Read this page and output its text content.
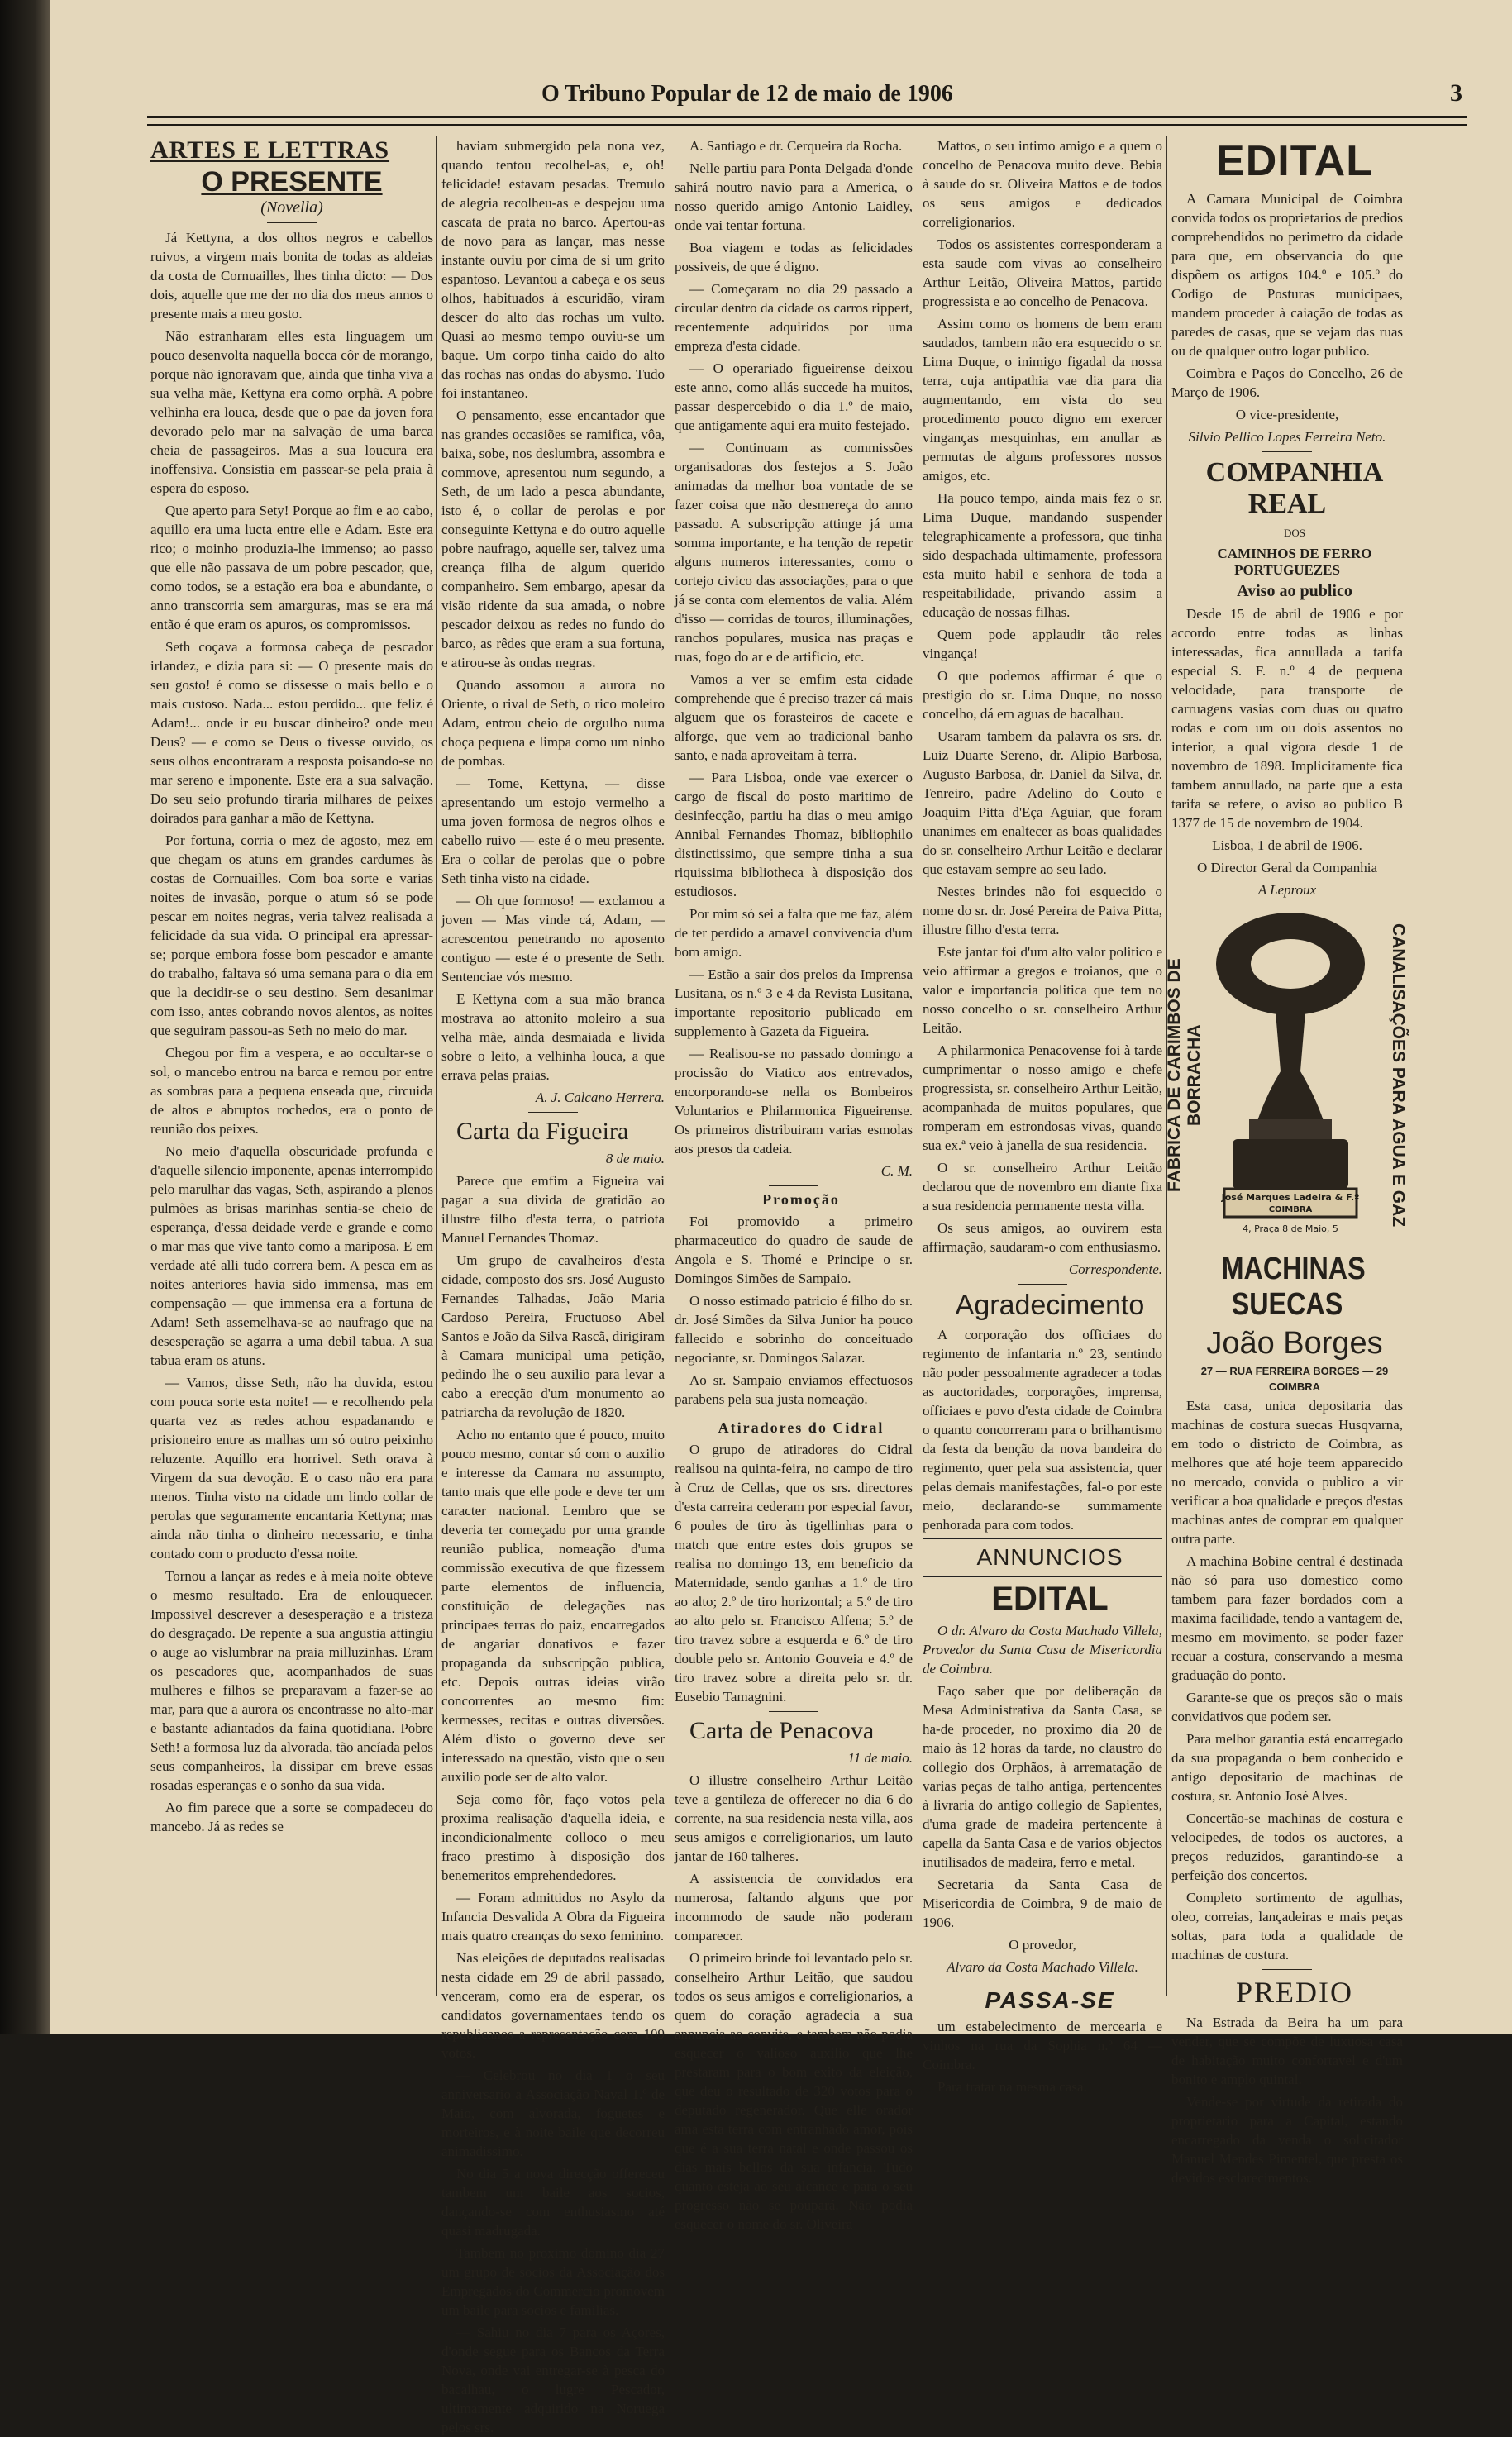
O Tribuno Popular de 12 de maio de 1906	3
ARTES E LETTRAS
O PRESENTE

(Novella)

Já Kettyna, a dos olhos negros e cabellos ruivos, a virgem mais bonita de todas as aldeias da costa de Cornuailles, lhes tinha dicto: — Dos dois, aquelle que me der no dia dos meus annos o presente mais a meu gosto.

Não estranharam elles esta linguagem um pouco desenvolta naquella bocca côr de morango, porque não ignoravam que, ainda que tinha viva a sua velha mãe, Kettyna era como orphã. A pobre velhinha era louca, desde que o pae da joven fora devorado pelo mar na salvação de uma barca cheia de passageiros. Mas a sua loucura era inoffensiva. Consistia em passear-se pela praia à espera do esposo.

Que aperto para Sety! Porque ao fim e ao cabo, aquillo era uma lucta entre elle e Adam. Este era rico; o moinho produzia-lhe immenso; ao passo que elle não passava de um pobre pescador, que, como todos, se a estação era boa e abundante, o anno transcorria sem amarguras, mas se era má então é que eram os apuros, os compromissos.

Seth coçava a formosa cabeça de pescador irlandez, e dizia para si: — O presente mais do seu gosto! é como se dissesse o mais bello e o mais custoso. Nada... estou perdido... que feliz é Adam!... onde ir eu buscar dinheiro? onde meu Deus? — e como se Deus o tivesse ouvido, os seus olhos encontraram a resposta poisando-se no mar sereno e imponente. Este era a sua salvação. Do seu seio profundo tiraria milhares de peixes doirados para ganhar a mão de Kettyna.

Por fortuna, corria o mez de agosto, mez em que chegam os atuns em grandes cardumes às costas de Cornuailles. Com boa sorte e varias noites de invasão, porque o atum só se pode pescar em noites negras, veria talvez realisada a felicidade da sua vida. O principal era apressar-se; porque embora fosse bom pescador e amante do trabalho, faltava só uma semana para o dia em que la decidir-se o seu destino. Sem desanimar com isso, antes cobrando novos alentos, as noites que seguiram passou-as Seth no meio do mar.

Chegou por fim a vespera, e ao occultar-se o sol, o mancebo entrou na barca e remou por entre as sombras para a pequena enseada que, circuida de altos e abruptos rochedos, era o ponto de reunião dos peixes.

No meio d'aquella obscuridade profunda e d'aquelle silencio imponente, apenas interrompido pelo marulhar das vagas, Seth, aspirando a plenos pulmões as brisas marinhas sentia-se cheio de esperança, d'essa deidade verde e grande e como o mar mas que vive tanto como a mariposa. E em verdade até alli tudo correra bem. A pesca em as noites anteriores havia sido immensa, mas em compensação — que immensa era a fortuna de Adam! Seth assemelhava-se ao naufrago que na desesperação se agarra a uma debil tabua. A sua tabua eram os atuns.

— Vamos, disse Seth, não ha duvida, estou com pouca sorte esta noite! — e recolhendo pela quarta vez as redes achou espadanando e prisioneiro entre as malhas um só outro peixinho reluzente. Aquillo era horrivel. Seth orava à Virgem da sua devoção. E o caso não era para menos. Tinha visto na cidade um lindo collar de perolas que seguramente encantaria Kettyna; mas ainda não tinha o dinheiro necessario, e tinha contado com o producto d'essa noite.

Tornou a lançar as redes e à meia noite obteve o mesmo resultado. Era de enlouquecer. Impossivel descrever a desesperação e a tristeza do desgraçado. De repente a sua angustia attingiu o auge ao vislumbrar na praia milluzinhas. Eram os pescadores que, acompanhados de suas mulheres e filhos se preparavam a fazer-se ao mar, para que a aurora os encontrasse no alto-mar e bastante adiantados da faina quotidiana. Pobre Seth! a formosa luz da alvorada, tão ancíada pelos seus companheiros, la dissipar em breve essas rosadas esperanças e o sonho da sua vida.

Ao fim parece que a sorte se compadeceu do mancebo. Já as redes se

haviam submergido pela nona vez, quando tentou recolhel-as, e, oh! felicidade! estavam pesadas. Tremulo de alegria recolheu-as e despejou uma cascata de prata no barco. Apertou-as de novo para as lançar, mas nesse instante ouviu por cima de si um grito espantoso. Levantou a cabeça e os seus olhos, habituados à escuridão, viram descer do alto das rochas um vulto. Quasi ao mesmo tempo ouviu-se um baque. Um corpo tinha caido do alto das rochas nas ondas do abysmo. Tudo foi instantaneo.

O pensamento, esse encantador que nas grandes occasiões se ramifica, vôa, baixa, sobe, nos deslumbra, assombra e commove, apresentou num segundo, a Seth, de um lado a pesca abundante, isto é, o collar de perolas e por conseguinte Kettyna e do outro aquelle pobre naufrago, aquelle ser, talvez uma creança filha de algum querido companheiro. Sem embargo, apesar da visão ridente da sua amada, o nobre pescador deixou as redes no fundo do barco, as rêdes que eram a sua fortuna, e atirou-se às ondas negras.

Quando assomou a aurora no Oriente, o rival de Seth, o rico moleiro Adam, entrou cheio de orgulho numa choça pequena e limpa como um ninho de pombas.

— Tome, Kettyna, — disse apresentando um estojo vermelho a uma joven formosa de negros olhos e cabello ruivo — este é o meu presente. Era o collar de perolas que o pobre Seth tinha visto na cidade.

— Oh que formoso! — exclamou a joven — Mas vinde cá, Adam, — acrescentou penetrando no aposento contiguo — este é o presente de Seth. Sentenciae vós mesmo.

E Kettyna com a sua mão branca mostrava ao attonito moleiro a sua velha mãe, ainda desmaiada e livida sobre o leito, a velhinha louca, a que errava pelas praias.

A. J. Calcano Herrera.

Carta da Figueira

8 de maio.

Parece que emfim a Figueira vai pagar a sua divida de gratidão ao illustre filho d'esta terra, o patriota Manuel Fernandes Thomaz.

Um grupo de cavalheiros d'esta cidade, composto dos srs. José Augusto Fernandes Talhadas, João Maria Cardoso Pereira, Fructuoso Abel Santos e João da Silva Rascã, dirigiram à Camara municipal uma petição, pedindo lhe o seu auxilio para levar a cabo a erecção d'um monumento ao patriarcha da revolução de 1820.

Acho no entanto que é pouco, muito pouco mesmo, contar só com o auxilio e interesse da Camara no assumpto, tanto mais que elle pode e deve ter um caracter nacional. Lembro que se deveria ter começado por uma grande reunião publica, nomeação d'uma commissão executiva de que fizessem parte elementos de influencia, constituição de delegações nas principaes terras do paiz, encarregados de angariar donativos e fazer propaganda da subscripção publica, etc. Depois outras ideias virão concorrentes ao mesmo fim: kermesses, recitas e outras diversões. Além d'isto o governo deve ser interessado na questão, visto que o seu auxilio pode ser de alto valor.

Seja como fôr, faço votos pela proxima realisação d'aquella ideia, e incondicionalmente colloco o meu fraco prestimo à disposição dos benemeritos emprehendedores.

— Foram admittidos no Asylo da Infancia Desvalida A Obra da Figueira mais quatro creanças do sexo feminino.

Nas eleições de deputados realisadas nesta cidade em 29 de abril passado, venceram, como era de esperar, os candidatos governamentaes tendo os republicanos a representação com 109 votos.

— Celebrou no dia 1 o seu anniversario a Associação Naval 1.º de Maio, com alvorada, foguetes e morteiros, e à noite baile que decorreu animadissimo.

No dia 5 a nova direcção offereceu tambem um baile aos socios, dançando-se com enthusiasmo até quasi madrugada.

Tambem no proximo domino dia 27 um grupo de socios da Associação dos Empregados do Commercio promovem um baile para socios e familias.

— Sahiu no dia 7 para os Açores, d'onde segue para os Bancos da Terra Nova, onde vai entregar-se à pesca do bacalhau, o lugre Pescador, ultimamente adquirido na Noruega pelos srs.

A. Santiago e dr. Cerqueira da Rocha.

Nelle partiu para Ponta Delgada d'onde sahirá noutro navio para a America, o nosso querido amigo Antonio Laidley, onde vai tentar fortuna.

Boa viagem e todas as felicidades possiveis, de que é digno.

— Começaram no dia 29 passado a circular dentro da cidade os carros rippert, recentemente adquiridos por uma empreza d'esta cidade.

— O operariado figueirense deixou este anno, como allás succede ha muitos, passar despercebido o dia 1.º de maio, que antigamente aqui era muito festejado.

— Continuam as commissões organisadoras dos festejos a S. João animadas da melhor boa vontade de se fazer coisa que não desmereça do anno passado. A subscripção attinge já uma somma importante, e ha tenção de repetir alguns numeros interessantes, como o cortejo civico das associações, para o que já se conta com elementos de valia. Além d'isso — corridas de touros, illuminações, ranchos populares, musica nas praças e ruas, fogo do ar e de artificio, etc.

Vamos a ver se emfim esta cidade comprehende que é preciso trazer cá mais alguem que os forasteiros de cacete e alforge, que vem ao tradicional banho santo, e nada aproveitam à terra.

— Para Lisboa, onde vae exercer o cargo de fiscal do posto maritimo de desinfecção, partiu ha dias o meu amigo Annibal Fernandes Thomaz, bibliophilo distinctissimo, que sempre tinha a sua riquissima bibliotheca à disposição dos estudiosos.

Por mim só sei a falta que me faz, além de ter perdido a amavel convivencia d'um bom amigo.

— Estão a sair dos prelos da Imprensa Lusitana, os n.º 3 e 4 da Revista Lusitana, importante repositorio publicado em supplemento à Gazeta da Figueira.

— Realisou-se no passado domingo a procissão do Viatico aos entrevados, encorporando-se nella os Bombeiros Voluntarios e Philarmonica Figueirense. Os primeiros distribuiram varias esmolas aos presos da cadeia.

C. M.

Promoção

Foi promovido a primeiro pharmaceutico do quadro de saude de Angola e S. Thomé e Principe o sr. Domingos Simões de Sampaio.

O nosso estimado patricio é filho do sr. dr. José Simões da Silva Junior ha pouco fallecido e sobrinho do conceituado negociante, sr. Domingos Salazar.

Ao sr. Sampaio enviamos effectuosos parabens pela sua justa nomeação.

Atiradores do Cidral

O grupo de atiradores do Cidral realisou na quinta-feira, no campo de tiro à Cruz de Cellas, que os srs. directores d'esta carreira cederam por especial favor, 6 poules de tiro às tigellinhas para o match que entre estes dois grupos se realisa no domingo 13, em beneficio da Maternidade, sendo ganhas a 1.º de tiro ao alto; 2.º de tiro horizontal; a 5.º de tiro ao alto pelo sr. Francisco Alfena; 5.º de tiro travez sobre a esquerda e 6.º de tiro double pelo sr. Antonio Gouveia e 4.º de tiro travez sobre a direita pelo sr. dr. Eusebio Tamagnini.

Carta de Penacova

11 de maio.

O illustre conselheiro Arthur Leitão teve a gentileza de offerecer no dia 6 do corrente, na sua residencia nesta villa, aos seus amigos e correligionarios, um lauto jantar de 160 talheres.

A assistencia de convidados era numerosa, faltando alguns que por incommodo de saude não poderam comparecer.

O primeiro brinde foi levantado pelo sr. conselheiro Arthur Leitão, que saudou todos os seus amigos e correligionarios, a quem do coração agradecia a sua annuncia ao convite, e tambem não podia esquecer o valioso auxilio que lhe prestaram para o bom exito da eleição, que deu o resultado de 320 votos para o deputado regenerador. Que elle orador ama esta terra com entranhado amor, pois que é a sua terra natal e onde passou os dias mais bellos da sua infancia. Tudo quanto esteja ao seu alcance e para o seu progresso não se poupará. Não podia esquecer o nome do sr. Oliveira

Mattos, o seu intimo amigo e a quem o concelho de Penacova muito deve. Bebia à saude do sr. Oliveira Mattos e de todos os seus amigos e dedicados correligionarios.

Todos os assistentes corresponderam a esta saude com vivas ao conselheiro Arthur Leitão, Oliveira Mattos, partido progressista e ao concelho de Penacova.

Assim como os homens de bem eram saudados, tambem não era esquecido o sr. Lima Duque, o inimigo figadal da nossa terra, cuja antipathia vae dia para dia augmentando, em vista do seu procedimento pouco digno em exercer vinganças mesquinhas, em anullar as permutas de alguns professores nossos amigos, etc.

Ha pouco tempo, ainda mais fez o sr. Lima Duque, mandando suspender telegraphicamente a professora, que tinha sido despachada ultimamente, professora esta muito habil e senhora de toda a respeitabilidade, privando assim a educação de nossas filhas.

Quem pode applaudir tão reles vingança!

O que podemos affirmar é que o prestigio do sr. Lima Duque, no nosso concelho, dá em aguas de bacalhau.

Usaram tambem da palavra os srs. dr. Luiz Duarte Sereno, dr. Alipio Barbosa, Augusto Barbosa, dr. Daniel da Silva, dr. Tenreiro, padre Adelino do Couto e Joaquim Pitta d'Eça Aguiar, que foram unanimes em enaltecer as boas qualidades do sr. conselheiro Arthur Leitão e declarar que estavam sempre ao seu lado.

Nestes brindes não foi esquecido o nome do sr. dr. José Pereira de Paiva Pitta, illustre filho d'esta terra.

Este jantar foi d'um alto valor politico e veio affirmar a gregos e troianos, que o valor e importancia politica que tem no nosso concelho o sr. conselheiro Arthur Leitão.

A philarmonica Penacovense foi à tarde cumprimentar o nosso amigo e chefe progressista, sr. conselheiro Arthur Leitão, acompanhada de muitos populares, que romperam em estrondosas vivas, quando sua ex.ª veio à janella de sua residencia.

O sr. conselheiro Arthur Leitão declarou que de novembro em diante fixa a sua residencia permanente nesta villa.

Os seus amigos, ao ouvirem esta affirmação, saudaram-o com enthusiasmo.

Correspondente.

Agradecimento

A corporação dos officiaes do regimento de infantaria n.º 23, sentindo não poder pessoalmente agradecer a todas as auctoridades, corporações, imprensa, officiaes e povo d'esta cidade de Coimbra o quanto concorreram para o brilhantismo da festa da benção da nova bandeira do regimento, quer pela sua assistencia, quer pelas demais manifestações, fal-o por este meio, declarando-se summamente penhorada para com todos.

ANNUNCIOS

EDITAL

O dr. Alvaro da Costa Machado Villela, Provedor da Santa Casa de Misericordia de Coimbra.

Faço saber que por deliberação da Mesa Administrativa da Santa Casa, se ha-de proceder, no proximo dia 20 de maio às 12 horas da tarde, no claustro do collegio dos Orphãos, à arrematação de varias peças de talho antiga, pertencentes à livraria do antigo collegio de Sapientes, d'uma grade de madeira pertencente à capella da Santa Casa e de varios objectos inutilisados de madeira, ferro e metal.

Secretaria da Santa Casa de Misericordia de Coimbra, 9 de maio de 1906.

O provedor,

Alvaro da Costa Machado Villela.

PASSA-SE

um estabelecimento de mercearia e vinhos na rua da Sophia n.º 64 — Coimbra.

Para tratar na mesma casa.

EDITAL

A Camara Municipal de Coimbra convida todos os proprietarios de predios comprehendidos no perimetro da cidade para que, em observancia do que dispõem os artigos 104.º e 105.º do Codigo de Posturas municipaes, mandem proceder à caiação de todas as paredes de casas, que se vejam das ruas ou de qualquer outro logar publico.

Coimbra e Paços do Concelho, 26 de Março de 1906.

O vice-presidente,

Silvio Pellico Lopes Ferreira Neto.

COMPANHIA REAL

DOS

CAMINHOS DE FERRO PORTUGUEZES

Aviso ao publico

Desde 15 de abril de 1906 e por accordo entre todas as linhas interessadas, fica annullada a tarifa especial S. F. n.º 4 de pequena velocidade, para transporte de carruagens vasias com duas ou quatro rodas e com um ou dois assentos no interior, a qual vigora desde 1 de novembro de 1898. Implicitamente fica tambem annullado, na parte que a esta tarifa se refere, o aviso ao publico B 1377 de 15 de novembro de 1904.

Lisboa, 1 de abril de 1906.

O Director Geral da Companhia

A Leproux

FABRICA DE CARIMBOS DE BORRACHA
José Marques Ladeira & F.º
COIMBRA
4, Praça 8 de Maio, 5
CANALISAÇÕES PARA AGUA E GAZ

MACHINAS SUECAS

João Borges

27 — RUA FERREIRA BORGES — 29

COIMBRA

Esta casa, unica depositaria das machinas de costura suecas Husqvarna, em todo o districto de Coimbra, as melhores que até hoje teem apparecido no mercado, convida o publico a vir verificar a boa qualidade e preços d'estas machinas antes de comprar em qualquer outra parte.

A machina Bobine central é destinada não só para uso domestico como tambem para fazer bordados com a maxima facilidade, tendo a vantagem de, mesmo em movimento, se poder fazer recuar a costura, conservando a mesma graduação do ponto.

Garante-se que os preços são o mais convidativos que podem ser.

Para melhor garantia está encarregado da sua propaganda o bem conhecido e antigo depositario de machinas de costura, sr. Antonio José Alves.

Concertão-se machinas de costura e velocipedes, de todos os auctores, a preços reduzidos, garantindo-se a perfeição dos concertos.

Completo sortimento de agulhas, oleo, correias, lançadeiras e mais peças soltas, para toda a qualidade de machinas de costura.

PREDIO

Na Estrada da Beira ha um para vender, que se compõe de luxuosa casa de habitação muito confortavel e d'um bonito e amplo quintal.

Vende-se por virtude da retirada do proprietario para a Capital, estando encarregado da venda o solicitador Manuel Mendes Pimentel, que presta os devidos esclarecimentos.
